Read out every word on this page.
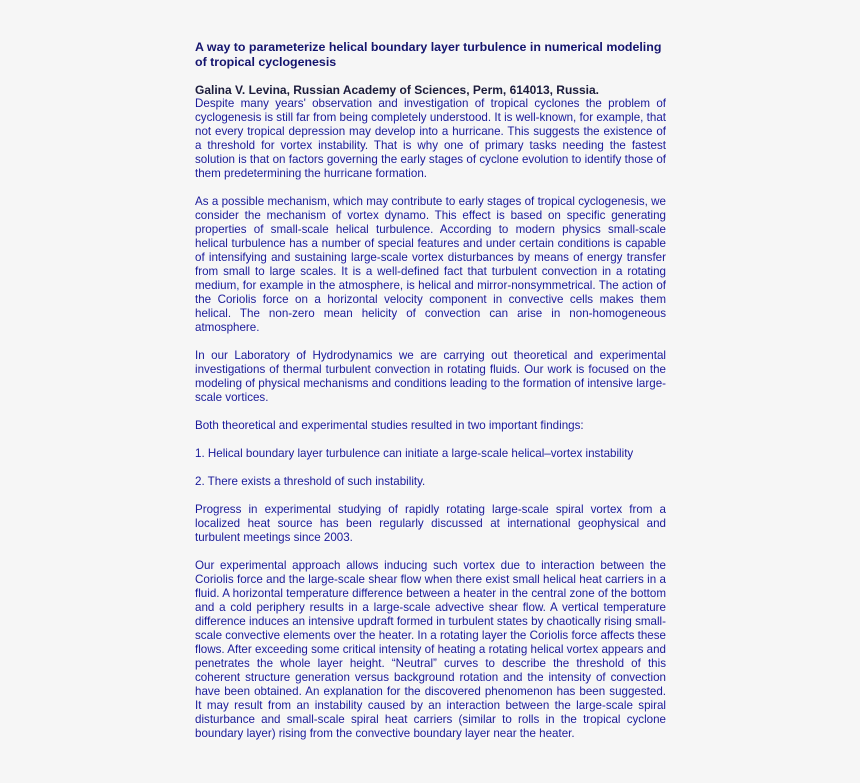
A way to parameterize helical boundary layer turbulence in numerical modeling of tropical cyclogenesis

Galina V. Levina, Russian Academy of Sciences, Perm, 614013, Russia.

Despite many years' observation and investigation of tropical cyclones the problem of cyclogenesis is still far from being completely understood. It is well-known, for example, that not every tropical depression may develop into a hurricane. This suggests the existence of a threshold for vortex instability. That is why one of primary tasks needing the fastest solution is that on factors governing the early stages of cyclone evolution to identify those of them predetermining the hurricane formation.

As a possible mechanism, which may contribute to early stages of tropical cyclogenesis, we consider the mechanism of vortex dynamo. This effect is based on specific generating properties of small-scale helical turbulence. According to modern physics small-scale helical turbulence has a number of special features and under certain conditions is capable of intensifying and sustaining large-scale vortex disturbances by means of energy transfer from small to large scales. It is a well-defined fact that turbulent convection in a rotating medium, for example in the atmosphere, is helical and mirror-nonsymmetrical. The action of the Coriolis force on a horizontal velocity component in convective cells makes them helical. The non-zero mean helicity of convection can arise in non-homogeneous atmosphere.

In our Laboratory of Hydrodynamics we are carrying out theoretical and experimental investigations of thermal turbulent convection in rotating fluids. Our work is focused on the modeling of physical mechanisms and conditions leading to the formation of intensive large-scale vortices.

Both theoretical and experimental studies resulted in two important findings:

1. Helical boundary layer turbulence can initiate a large-scale helical–vortex instability

2. There exists a threshold of such instability.

Progress in experimental studying of rapidly rotating large-scale spiral vortex from a localized heat source has been regularly discussed at international geophysical and turbulent meetings since 2003.

Our experimental approach allows inducing such vortex due to interaction between the Coriolis force and the large-scale shear flow when there exist small helical heat carriers in a fluid. A horizontal temperature difference between a heater in the central zone of the bottom and a cold periphery results in a large-scale advective shear flow. A vertical temperature difference induces an intensive updraft formed in turbulent states by chaotically rising small-scale convective elements over the heater. In a rotating layer the Coriolis force affects these flows. After exceeding some critical intensity of heating a rotating helical vortex appears and penetrates the whole layer height. “Neutral” curves to describe the threshold of this coherent structure generation versus background rotation and the intensity of convection have been obtained. An explanation for the discovered phenomenon has been suggested. It may result from an instability caused by an interaction between the large-scale spiral disturbance and small-scale spiral heat carriers (similar to rolls in the tropical cyclone boundary layer) rising from the convective boundary layer near the heater.
